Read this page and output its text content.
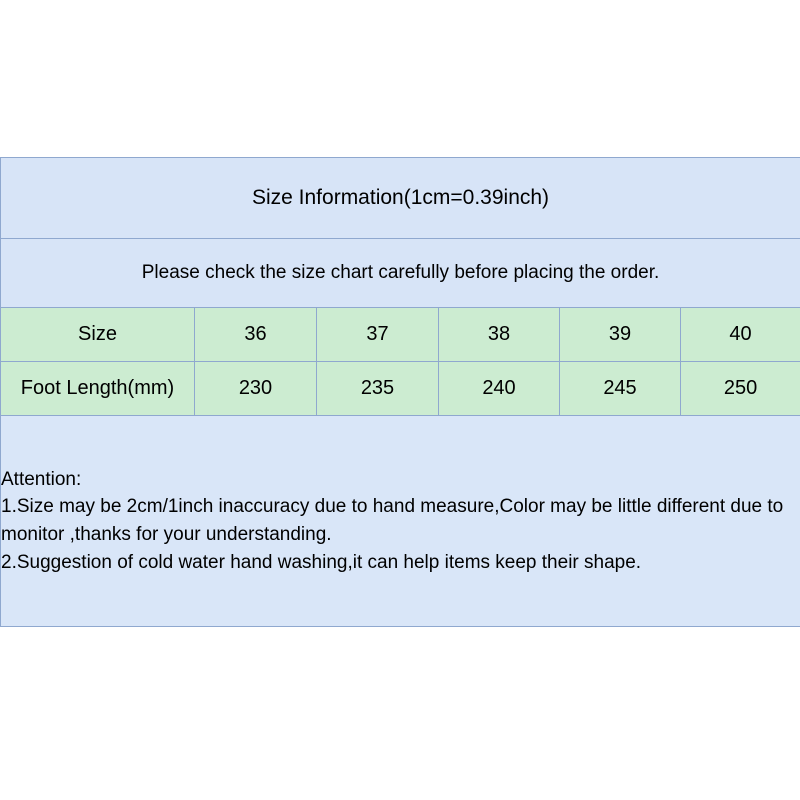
Size Information(1cm=0.39inch)					
Please check the size chart carefully before placing the order.					
Size	36	37	38	39	40
Foot Length(mm)	230	235	240	245	250

Attention:
1.Size may be 2cm/1inch inaccuracy due to hand measure,Color may be little different due to monitor ,thanks for your understanding.
2.Suggestion of cold water hand washing,it can help items keep their shape.					
